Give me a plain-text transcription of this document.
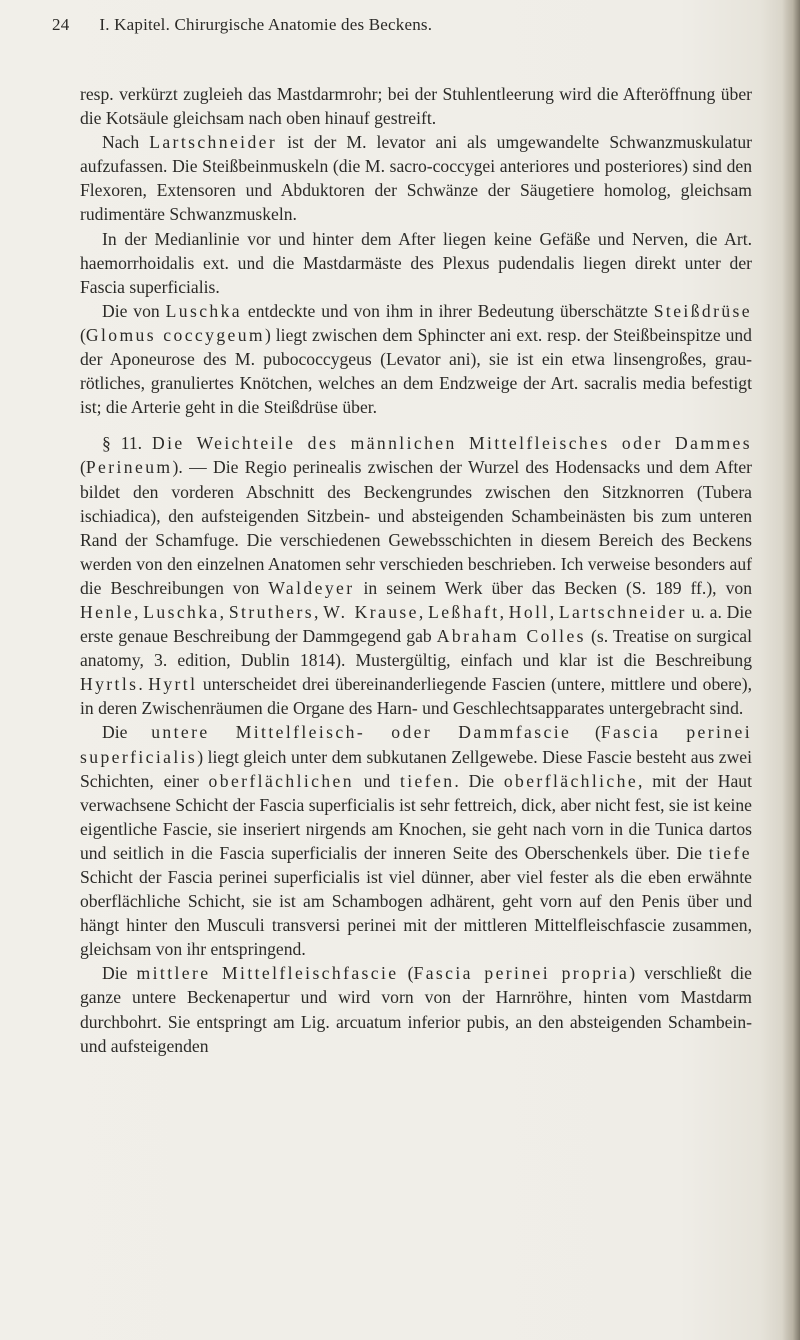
24 I. Kapitel. Chirurgische Anatomie des Beckens.

resp. verkürzt zugleieh das Mastdarmrohr; bei der Stuhlentleerung wird die Afteröffnung über die Kotsäule gleichsam nach oben hinauf gestreift.

Nach Lartschneider ist der M. levator ani als umgewandelte Schwanzmuskulatur aufzufassen. Die Steißbeinmuskeln (die M. sacro-coccygei anteriores und posteriores) sind den Flexoren, Extensoren und Abduktoren der Schwänze der Säugetiere homolog, gleichsam rudimentäre Schwanzmuskeln.

In der Medianlinie vor und hinter dem After liegen keine Gefäße und Nerven, die Art. haemorrhoidalis ext. und die Mastdarmäste des Plexus pudendalis liegen direkt unter der Fascia superficialis.

Die von Luschka entdeckte und von ihm in ihrer Bedeutung überschätzte Steißdrüse (Glomus coccygeum) liegt zwischen dem Sphincter ani ext. resp. der Steißbeinspitze und der Aponeurose des M. pubococcygeus (Levator ani), sie ist ein etwa linsengroßes, grau-rötliches, granuliertes Knötchen, welches an dem Endzweige der Art. sacralis media befestigt ist; die Arterie geht in die Steißdrüse über.

§ 11. Die Weichteile des männlichen Mittelfleisches oder Dammes (Perineum). — Die Regio perinealis zwischen der Wurzel des Hodensacks und dem After bildet den vorderen Abschnitt des Beckengrundes zwischen den Sitzknorren (Tubera ischiadica), den aufsteigenden Sitzbein- und absteigenden Schambeinästen bis zum unteren Rand der Schamfuge. Die verschiedenen Gewebsschichten in diesem Bereich des Beckens werden von den einzelnen Anatomen sehr verschieden beschrieben. Ich verweise besonders auf die Beschreibungen von Waldeyer in seinem Werk über das Becken (S. 189 ff.), von Henle, Luschka, Struthers, W. Krause, Leßhaft, Holl, Lartschneider u. a. Die erste genaue Beschreibung der Dammgegend gab Abraham Colles (s. Treatise on surgical anatomy, 3. edition, Dublin 1814). Mustergültig, einfach und klar ist die Beschreibung Hyrtls. Hyrtl unterscheidet drei übereinanderliegende Fascien (untere, mittlere und obere), in deren Zwischenräumen die Organe des Harn- und Geschlechtsapparates untergebracht sind.

Die untere Mittelfleisch- oder Dammfascie (Fascia perinei superficialis) liegt gleich unter dem subkutanen Zellgewebe. Diese Fascie besteht aus zwei Schichten, einer oberflächlichen und tiefen. Die oberflächliche, mit der Haut verwachsene Schicht der Fascia superficialis ist sehr fettreich, dick, aber nicht fest, sie ist keine eigentliche Fascie, sie inseriert nirgends am Knochen, sie geht nach vorn in die Tunica dartos und seitlich in die Fascia superficialis der inneren Seite des Oberschenkels über. Die tiefe Schicht der Fascia perinei superficialis ist viel dünner, aber viel fester als die eben erwähnte oberflächliche Schicht, sie ist am Schambogen adhärent, geht vorn auf den Penis über und hängt hinter den Musculi transversi perinei mit der mittleren Mittelfleischfascie zusammen, gleichsam von ihr entspringend.

Die mittlere Mittelfleischfascie (Fascia perinei propria) verschließt die ganze untere Beckenapertur und wird vorn von der Harnröhre, hinten vom Mastdarm durchbohrt. Sie entspringt am Lig. arcuatum inferior pubis, an den absteigenden Schambein- und aufsteigenden
